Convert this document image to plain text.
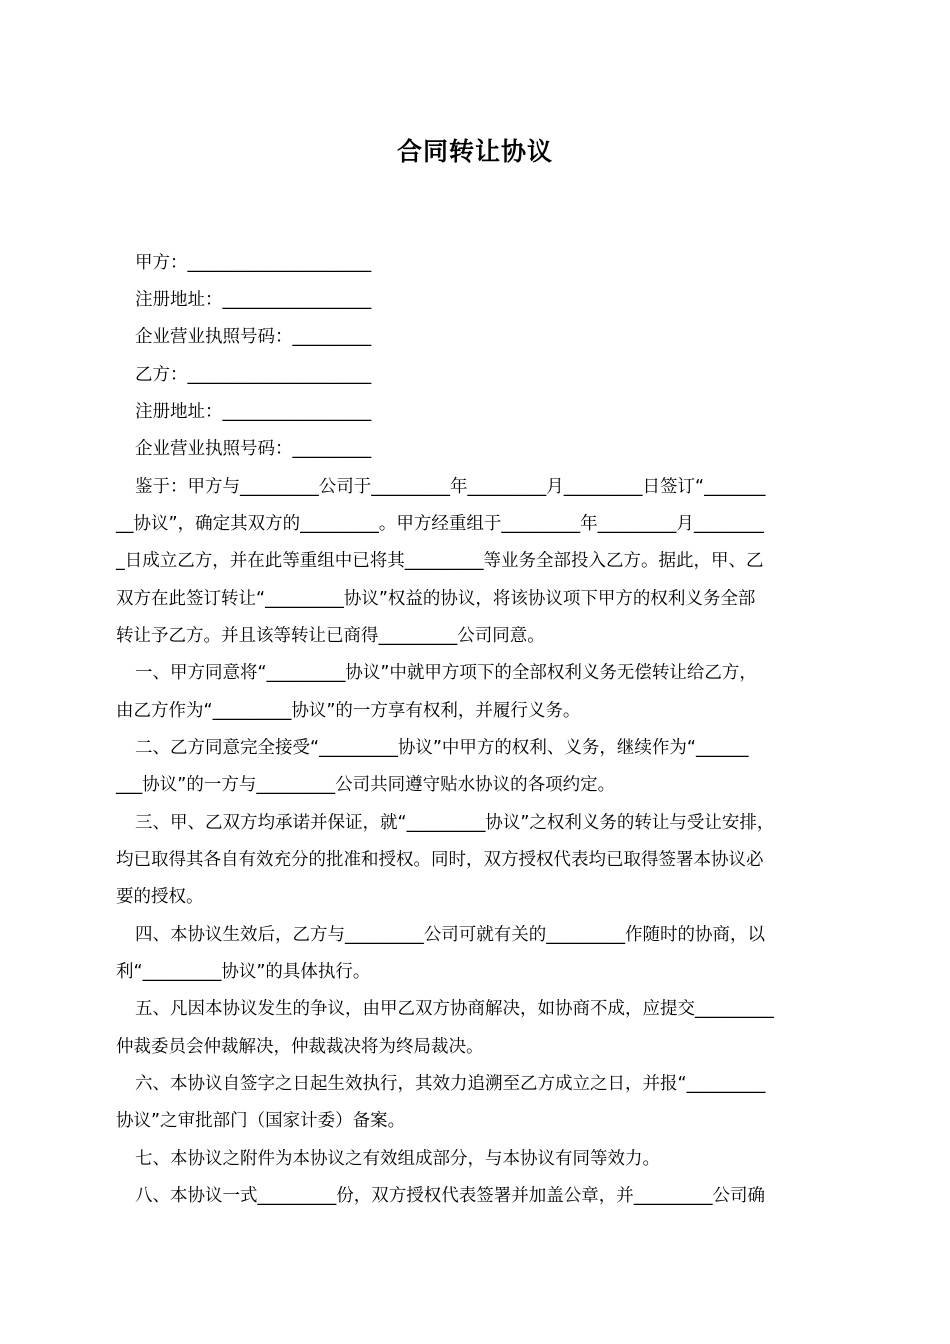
合同转让协议
甲方：_____________________
注册地址：_________________
企业营业执照号码：_________
乙方：_____________________
注册地址：_________________
企业营业执照号码：_________
鉴于：甲方与_________公司于_________年_________月_________日签订“_______
__协议”，确定其双方的_________。甲方经重组于_________年_________月________
_日成立乙方，并在此等重组中已将其_________等业务全部投入乙方。据此，甲、乙
双方在此签订转让“_________协议”权益的协议，将该协议项下甲方的权利义务全部
转让予乙方。并且该等转让已商得_________公司同意。
一、甲方同意将“_________协议”中就甲方项下的全部权利义务无偿转让给乙方，
由乙方作为“_________协议”的一方享有权利，并履行义务。
二、乙方同意完全接受“_________协议”中甲方的权利、义务，继续作为“______
___协议”的一方与_________公司共同遵守贴水协议的各项约定。
三、甲、乙双方均承诺并保证，就“_________协议”之权利义务的转让与受让安排，
均已取得其各自有效充分的批准和授权。同时，双方授权代表均已取得签署本协议必
要的授权。
四、本协议生效后，乙方与_________公司可就有关的_________作随时的协商，以
利“_________协议”的具体执行。
五、凡因本协议发生的争议，由甲乙双方协商解决，如协商不成，应提交_________
仲裁委员会仲裁解决，仲裁裁决将为终局裁决。
六、本协议自签字之日起生效执行，其效力追溯至乙方成立之日，并报“_________
协议”之审批部门（国家计委）备案。
七、本协议之附件为本协议之有效组成部分，与本协议有同等效力。
八、本协议一式_________份，双方授权代表签署并加盖公章，并_________公司确
